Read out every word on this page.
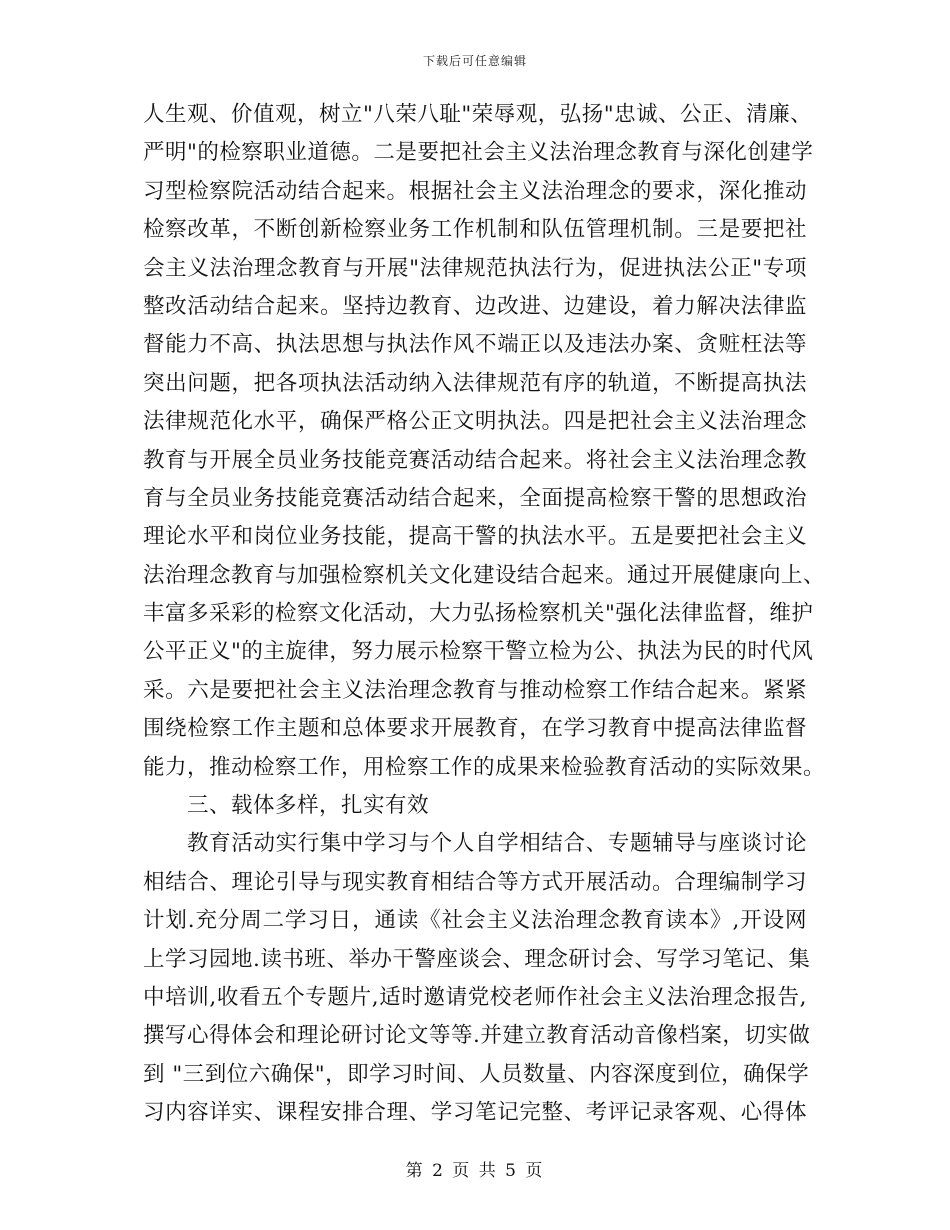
下载后可任意编辑
人生观、价值观，树立"八荣八耻"荣辱观，弘扬"忠诚、公正、清廉、
严明"的检察职业道德。二是要把社会主义法治理念教育与深化创建学
习型检察院活动结合起来。根据社会主义法治理念的要求，深化推动
检察改革，不断创新检察业务工作机制和队伍管理机制。三是要把社
会主义法治理念教育与开展"法律规范执法行为，促进执法公正"专项
整改活动结合起来。坚持边教育、边改进、边建设，着力解决法律监
督能力不高、执法思想与执法作风不端正以及违法办案、贪赃枉法等
突出问题，把各项执法活动纳入法律规范有序的轨道，不断提高执法
法律规范化水平，确保严格公正文明执法。四是把社会主义法治理念
教育与开展全员业务技能竞赛活动结合起来。将社会主义法治理念教
育与全员业务技能竞赛活动结合起来，全面提高检察干警的思想政治
理论水平和岗位业务技能，提高干警的执法水平。五是要把社会主义
法治理念教育与加强检察机关文化建设结合起来。通过开展健康向上、
丰富多采彩的检察文化活动，大力弘扬检察机关"强化法律监督，维护
公平正义"的主旋律，努力展示检察干警立检为公、执法为民的时代风
采。六是要把社会主义法治理念教育与推动检察工作结合起来。紧紧
围绕检察工作主题和总体要求开展教育，在学习教育中提高法律监督
能力，推动检察工作，用检察工作的成果来检验教育活动的实际效果。
三、载体多样，扎实有效
教育活动实行集中学习与个人自学相结合、专题辅导与座谈讨论
相结合、理论引导与现实教育相结合等方式开展活动。合理编制学习
计划.充分周二学习日，通读《社会主义法治理念教育读本》,开设网
上学习园地.读书班、举办干警座谈会、理念研讨会、写学习笔记、集
中培训,收看五个专题片,适时邀请党校老师作社会主义法治理念报告,
撰写心得体会和理论研讨论文等等.并建立教育活动音像档案，切实做
到 "三到位六确保"，即学习时间、人员数量、内容深度到位，确保学
习内容详实、课程安排合理、学习笔记完整、考评记录客观、心得体
第 2 页 共 5 页
